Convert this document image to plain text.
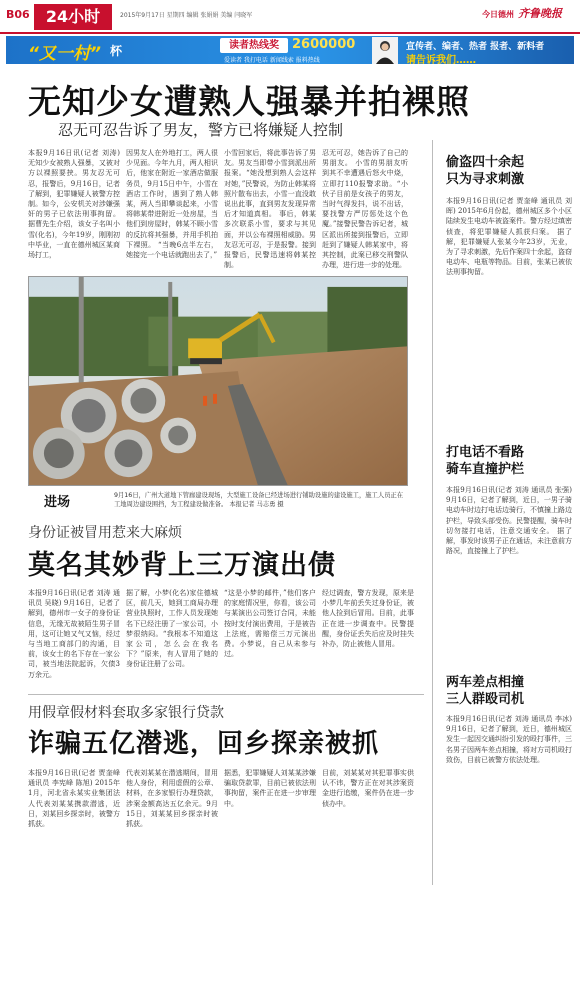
B06	24小时	2015年9月17日 星期四 编辑 张娟娟 美编 闫晓军	今日德州 齐鲁晚报
“又一村” 杯	读者热线奖	2600000
爱读者 我打电话 新闻线索 报料热线
宣传者、编者、热者 报者、新料者
请告诉我们……
无知少女遭熟人强暴并拍裸照
忍无可忍告诉了男友，警方已将嫌疑人控制
本报9月16日讯(记者 刘涛) 无知少女被熟人强暴，又被对方以裸照要挟。男友忍无可忍，报警后，9月16日，记者了解到，犯罪嫌疑人被警方控制。如今，公安机关对涉嫌强奸的男子已依法刑事拘留。 据曹先生介绍，该女子名叫小雪(化名)，今年19岁，刚刚初中毕业，一直在德州城区某商场打工，
因男友人在外地打工，两人很少见面。今年九月，两人相识后，他家在附近一家酒店做服务员，9月15日中午，小雪在酒店工作时，遇到了熟人韩某，两人当即攀谈起来，小雪将韩某带进附近一处房屋，当他们到房屋时，韩某不顾小雪的反抗将其强暴，并用手机拍下裸照。 “当晚6点半左右，她接完一个电话就跑出去了，”
小雪回家后，将此事告诉了男友。男友当即带小雪到派出所报案。“她没想到熟人会这样对她，”民警说，为防止韩某将照片散布出去，小雪一直没敢说出此事，直到男友发现异常后才知道真相。 事后，韩某多次联系小雪，要求与其见面，并以公布裸照相威胁。男友忍无可忍，于是报警。接到报警后，民警迅速将韩某控制。
忍无可忍，她告诉了自己的男朋友。 小雪的男朋友听到其不幸遭遇后怒火中烧，立即打110报警求助。“小伙子目前是女孩子的男友，当时气得发抖，说不出话，要找警方严厉惩处这个色魔。”接警民警告诉记者，城区派出所接到报警后，立即赶到了嫌疑人韩某家中，将其控制，此案已移交刑警队办理，进行进一步的处理。
进场	9月16日，广州大道地下管廊建设现场，大型施工设备已经进场进行铺助设施的建设施工，施工人员正在工地周边建设围挡，为工程建设做准备。 本报记者 马志勇 摄
身份证被冒用惹来大麻烦
莫名其妙背上三万演出债
本报9月16日讯(记者 刘涛 通讯员 吴晓) 9月16日，记者了解到，德州市一女子的身份证信息，无缘无故被陌生男子冒用，这可让她又气又恼，经过与当地工商部门的沟通，目前，该女士的名下存在一家公司，被当地法院起诉，欠债3万余元。
据了解，小梦(化名)家住德城区，前几天，她到工商局办理营业执照时，工作人员发现她名下已经注册了一家公司，小梦很纳闷。“我根本不知道这家公司，怎么会在我名下？”原来，有人冒用了她的身份证注册了公司。
“这是小梦的邮件，”他们客户的家庭情况里，你看，该公司与某演出公司签订合同，未能按时支付演出费用，于是被告上法庭，需赔偿三万元演出费。小梦说，自己从未参与过。
经过调查，警方发现，原来是小梦几年前丢失过身份证，被他人捡到后冒用。目前，此事正在进一步调查中。民警提醒，身份证丢失后应及时挂失补办，防止被他人冒用。
用假章假材料套取多家银行贷款
诈骗五亿潜逃，回乡探亲被抓
本报9月16日讯(记者 贾奎峰 通讯员 李宪峰 陈旭) 2015年1月，河北省永某实业集团法人代表刘某某携款潜逃，近日，刘某回乡探亲时，被警方抓获。
代表刘某某在潜逃期间，冒用他人身份，利用虚假的公章、材料，在多家银行办理贷款，涉案金额高达五亿余元。9月15日，刘某某回乡探亲时被抓获。
据悉，犯罪嫌疑人刘某某涉嫌骗取贷款罪，目前已被依法刑事拘留，案件正在进一步审理中。
目前，刘某某对其犯罪事实供认不讳，警方正在对其涉案资金进行追缴，案件仍在进一步侦办中。
偷盗四十余起
只为寻求刺激
本报9月16日讯(记者 贾奎峰 通讯员 刘晖) 2015年6月份起，德州城区多个小区陆续发生电动车被盗案件。警方经过缜密侦查，将犯罪嫌疑人抓获归案。 据了解，犯罪嫌疑人张某今年23岁，无业，为了寻求刺激，先后作案四十余起，盗窃电动车、电瓶等物品。目前，张某已被依法刑事拘留。
打电话不看路
骑车直撞护栏
本报9月16日讯(记者 刘涛 通讯员 张强) 9月16日，记者了解到，近日，一男子骑电动车时边打电话边骑行，不慎撞上路边护栏，导致头部受伤。民警提醒，骑车时切勿接打电话，注意交通安全。 据了解，事发时该男子正在通话，未注意前方路况，直接撞上了护栏。
两车差点相撞
三人群殴司机
本报9月16日讯(记者 刘涛 通讯员 李冰) 9月16日，记者了解到，近日，德州城区发生一起因交通纠纷引发的殴打事件，三名男子因两车差点相撞，将对方司机殴打致伤，目前已被警方依法处理。
